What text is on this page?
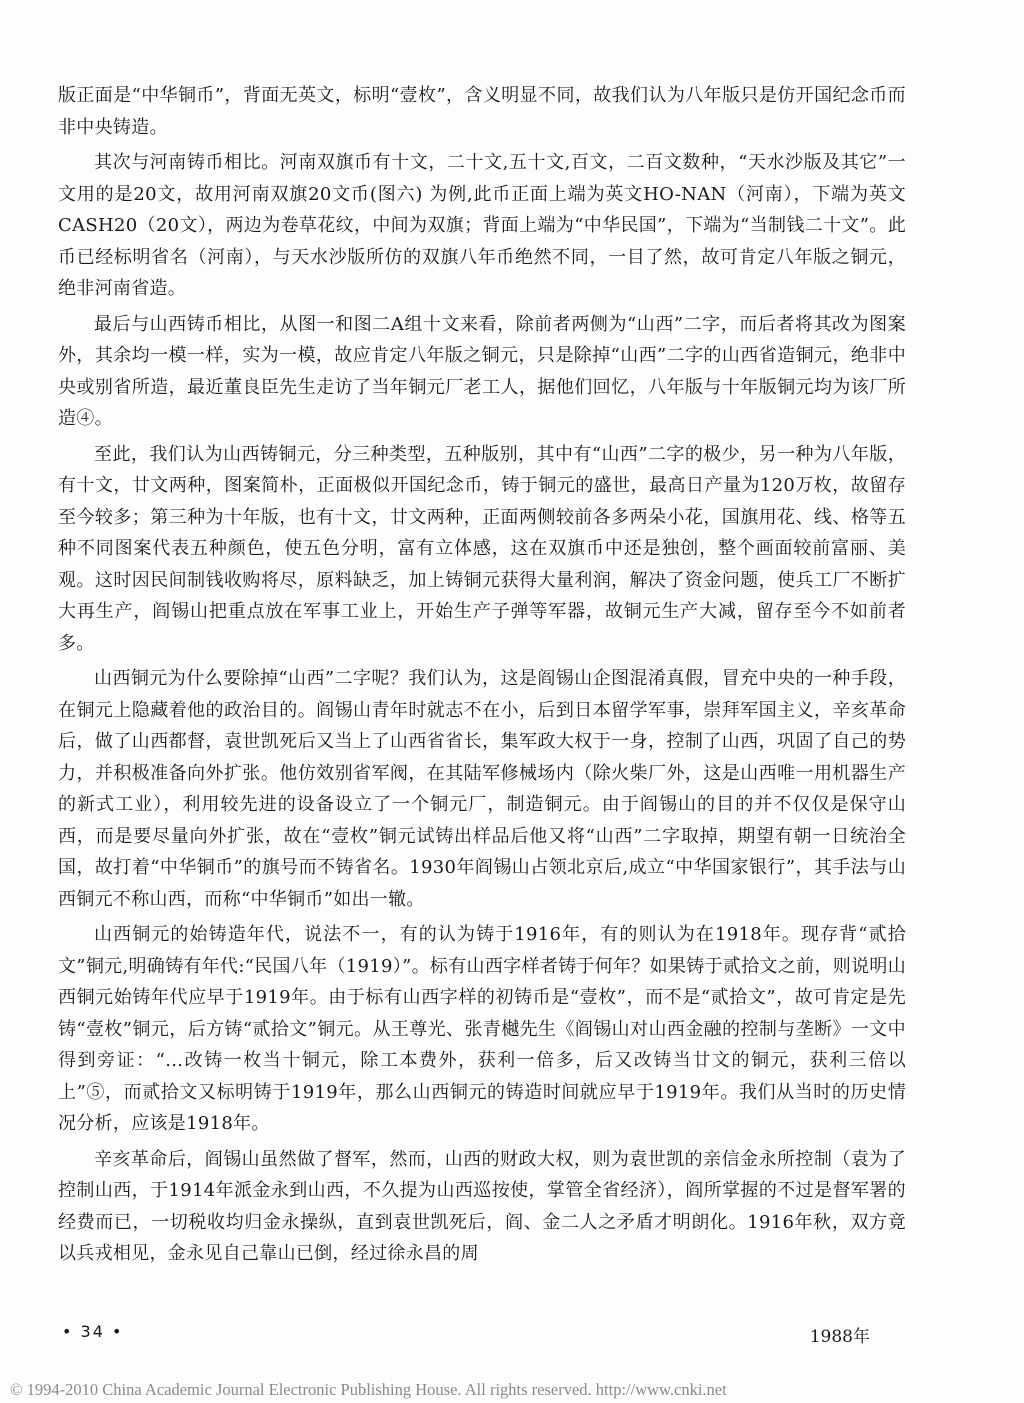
版正面是“中华铜币”，背面无英文，标明“壹枚”，含义明显不同，故我们认为八年版只是仿开国纪念币而非中央铸造。

其次与河南铸币相比。河南双旗币有十文，二十文,五十文,百文，二百文数种，“天水沙版及其它”一文用的是20文，故用河南双旗20文币(图六) 为例,此币正面上端为英文HO-NAN（河南），下端为英文CASH20（20文），两边为卷草花纹，中间为双旗；背面上端为“中华民国”，下端为“当制钱二十文”。此币已经标明省名（河南），与天水沙版所仿的双旗八年币绝然不同，一目了然，故可肯定八年版之铜元，绝非河南省造。

最后与山西铸币相比，从图一和图二A组十文来看，除前者两侧为“山西”二字，而后者将其改为图案外，其余均一模一样，实为一模，故应肯定八年版之铜元，只是除掉“山西”二字的山西省造铜元，绝非中央或别省所造，最近董良臣先生走访了当年铜元厂老工人，据他们回忆，八年版与十年版铜元均为该厂所造④。

至此，我们认为山西铸铜元，分三种类型，五种版别，其中有“山西”二字的极少，另一种为八年版，有十文，廿文两种，图案简朴，正面极似开国纪念币，铸于铜元的盛世，最高日产量为120万枚，故留存至今较多；第三种为十年版，也有十文，廿文两种，正面两侧较前各多两朵小花，国旗用花、线、格等五种不同图案代表五种颜色，使五色分明，富有立体感，这在双旗币中还是独创，整个画面较前富丽、美观。这时因民间制钱收购将尽，原料缺乏，加上铸铜元获得大量利润，解决了资金问题，使兵工厂不断扩大再生产，阎锡山把重点放在军事工业上，开始生产子弹等军器，故铜元生产大减，留存至今不如前者多。

山西铜元为什么要除掉“山西”二字呢？我们认为，这是阎锡山企图混淆真假，冒充中央的一种手段，在铜元上隐藏着他的政治目的。阎锡山青年时就志不在小，后到日本留学军事，崇拜军国主义，辛亥革命后，做了山西都督，袁世凯死后又当上了山西省省长，集军政大权于一身，控制了山西，巩固了自己的势力，并积极准备向外扩张。他仿效别省军阀，在其陆军修械场内（除火柴厂外，这是山西唯一用机器生产的新式工业），利用较先进的设备设立了一个铜元厂，制造铜元。由于阎锡山的目的并不仅仅是保守山西，而是要尽量向外扩张，故在“壹枚”铜元试铸出样品后他又将“山西”二字取掉，期望有朝一日统治全国，故打着“中华铜币”的旗号而不铸省名。1930年阎锡山占领北京后,成立“中华国家银行”，其手法与山西铜元不称山西，而称“中华铜币”如出一辙。

山西铜元的始铸造年代，说法不一，有的认为铸于1916年，有的则认为在1918年。现存背“贰拾文”铜元,明确铸有年代:“民国八年（1919）”。标有山西字样者铸于何年？如果铸于贰拾文之前，则说明山西铜元始铸年代应早于1919年。由于标有山西字样的初铸币是“壹枚”，而不是“贰拾文”，故可肯定是先铸“壹枚”铜元，后方铸“贰拾文”铜元。从王尊光、张青樾先生《阎锡山对山西金融的控制与垄断》一文中得到旁证：“…改铸一枚当十铜元，除工本费外，获利一倍多，后又改铸当廿文的铜元，获利三倍以上”⑤，而贰拾文又标明铸于1919年，那么山西铜元的铸造时间就应早于1919年。我们从当时的历史情况分析，应该是1918年。

辛亥革命后，阎锡山虽然做了督军，然而，山西的财政大权，则为袁世凯的亲信金永所控制（袁为了控制山西，于1914年派金永到山西，不久提为山西巡按使，掌管全省经济），阎所掌握的不过是督军署的经费而已，一切税收均归金永操纵，直到袁世凯死后，阎、金二人之矛盾才明朗化。1916年秋，双方竟以兵戎相见，金永见自己靠山已倒，经过徐永昌的周

• 34 •	1988年
© 1994-2010 China Academic Journal Electronic Publishing House. All rights reserved. http://www.cnki.net
